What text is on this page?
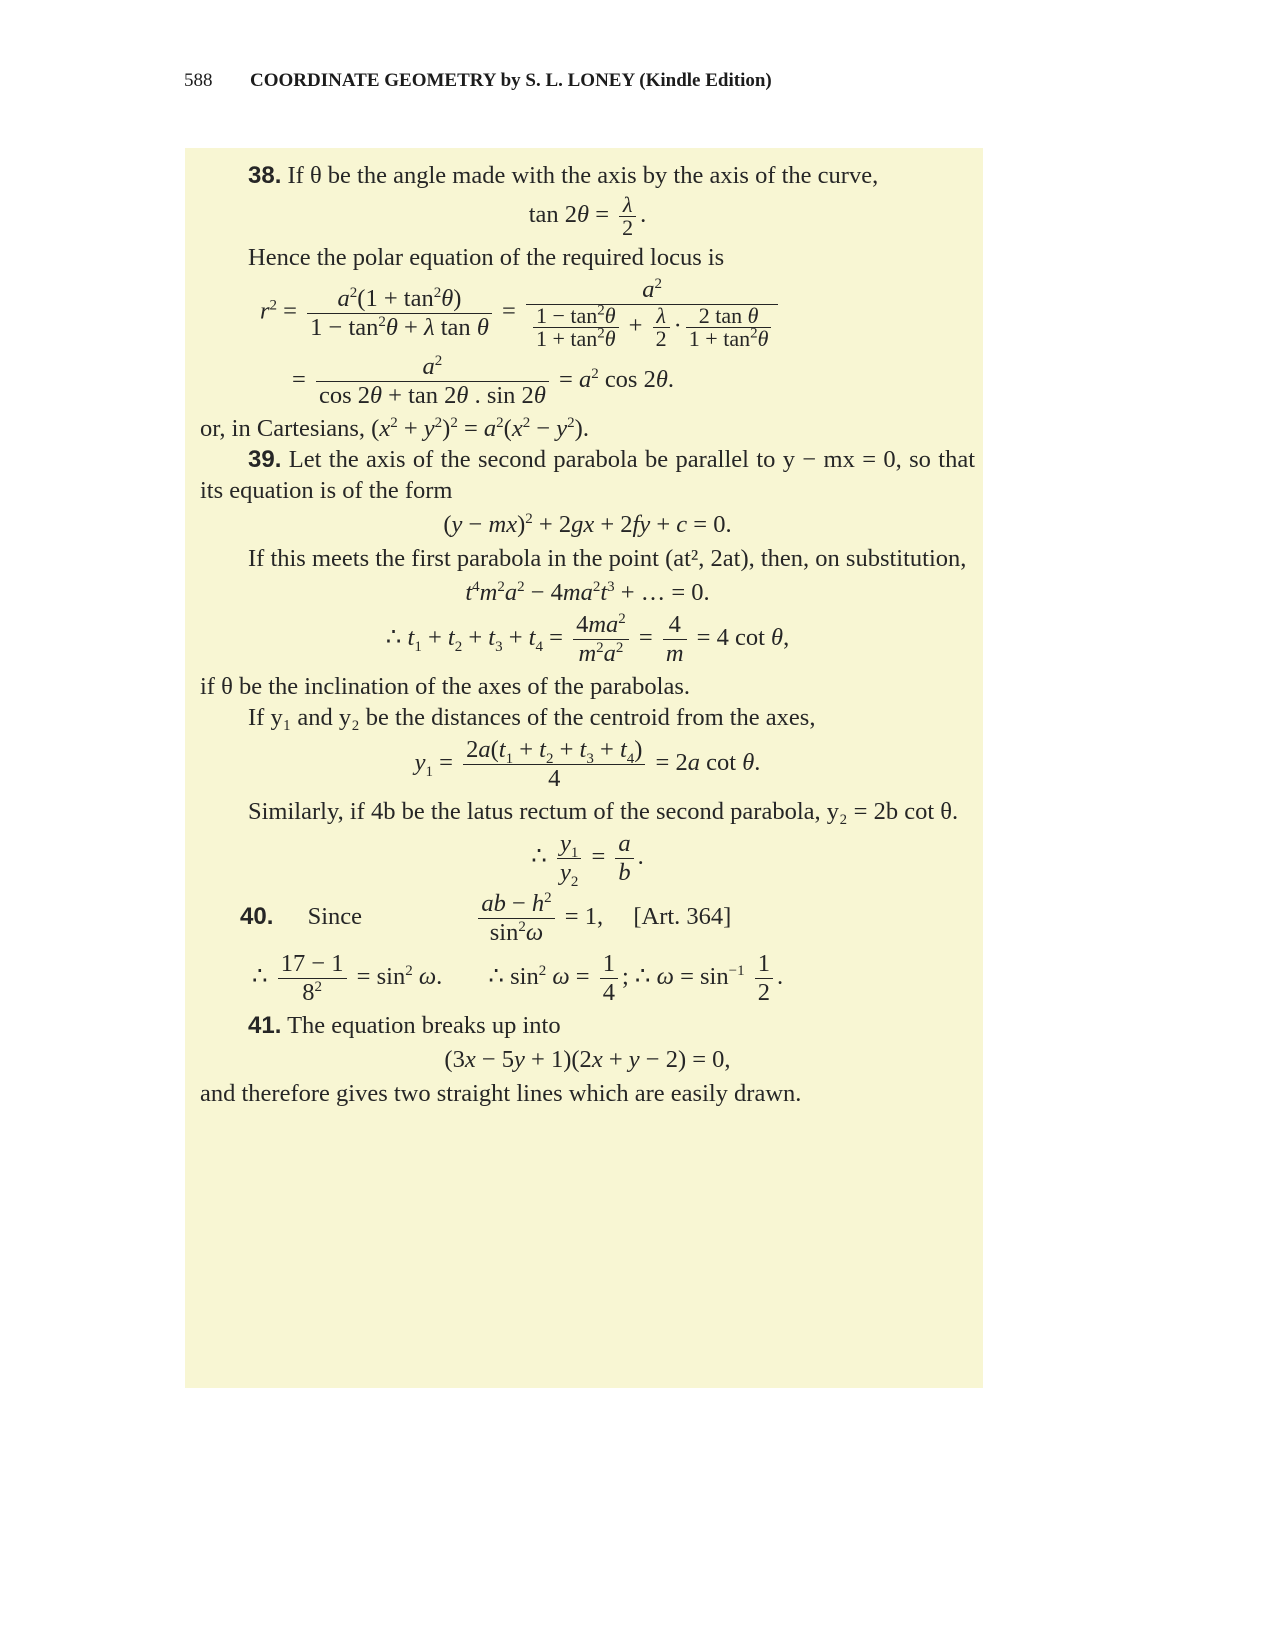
588 COORDINATE GEOMETRY by S. L. LONEY (Kindle Edition)

38. If θ be the angle made with the axis by the axis of the curve,

$\tan 2\theta = \frac{\lambda}{2}$ .

Hence the polar equation of the required locus is

$r^2 = \frac{a^2(1 + \tan^2\theta)}{1 - \tan^2\theta + \lambda \tan \theta} = \frac{a^2}{\frac{1 - \tan^2\theta}{1 + \tan^2\theta} + \frac{\lambda}{2} \cdot \frac{\text{2 tan θ}}{1 + \tan^2\theta}}$
= $\frac{a^2}{\cos 2\theta + \tan 2\theta . \sin 2\theta} = a^2$ cos 2θ.

or, in Cartesians, $(x^2 + y^2)^2 = a^2(x^2 - y^2)$.

39. Let the axis of the second parabola be parallel to y − mx = 0, so that its equation is of the form

(y − mx)$^2$ + 2gx + 2fy + c = 0.

If this meets the first parabola in the point (at², 2at), then, on substitution,

$t^4m^2a^2 - 4ma^2t^3$ + … = 0.
∴ $t_1 + t_2 + t_3 + t_4 = \frac{4ma^2}{m^2a^2} = \frac{4}{m} = 4$ cot θ,

if θ be the inclination of the axes of the parabolas.

If y₁ and y₂ be the distances of the centroid from the axes,

$y_1 = \frac{2a(t_1 + t_2 + t_3 + t_4)}{4} = 2a$ cot θ.

Similarly, if 4b be the latus rectum of the second parabola, y₂ = 2b cot θ.

∴ $\frac{y_1}{y_2} = \frac{a}{b}$ .
40. Since	$\frac{ab - h^2}{\sin^2\omega} = 1$,  [Art. 364]
∴ $\frac{17 - 1}{8^2} = \sin^2 \omega$. ∴ $\sin^2 \omega = \frac{1}{4}$ ; ∴ $\omega = \sin^{-1} \frac{1}{2}$ .

41. The equation breaks up into

(3x − 5y + 1)(2x + y − 2) = 0,

and therefore gives two straight lines which are easily drawn.
